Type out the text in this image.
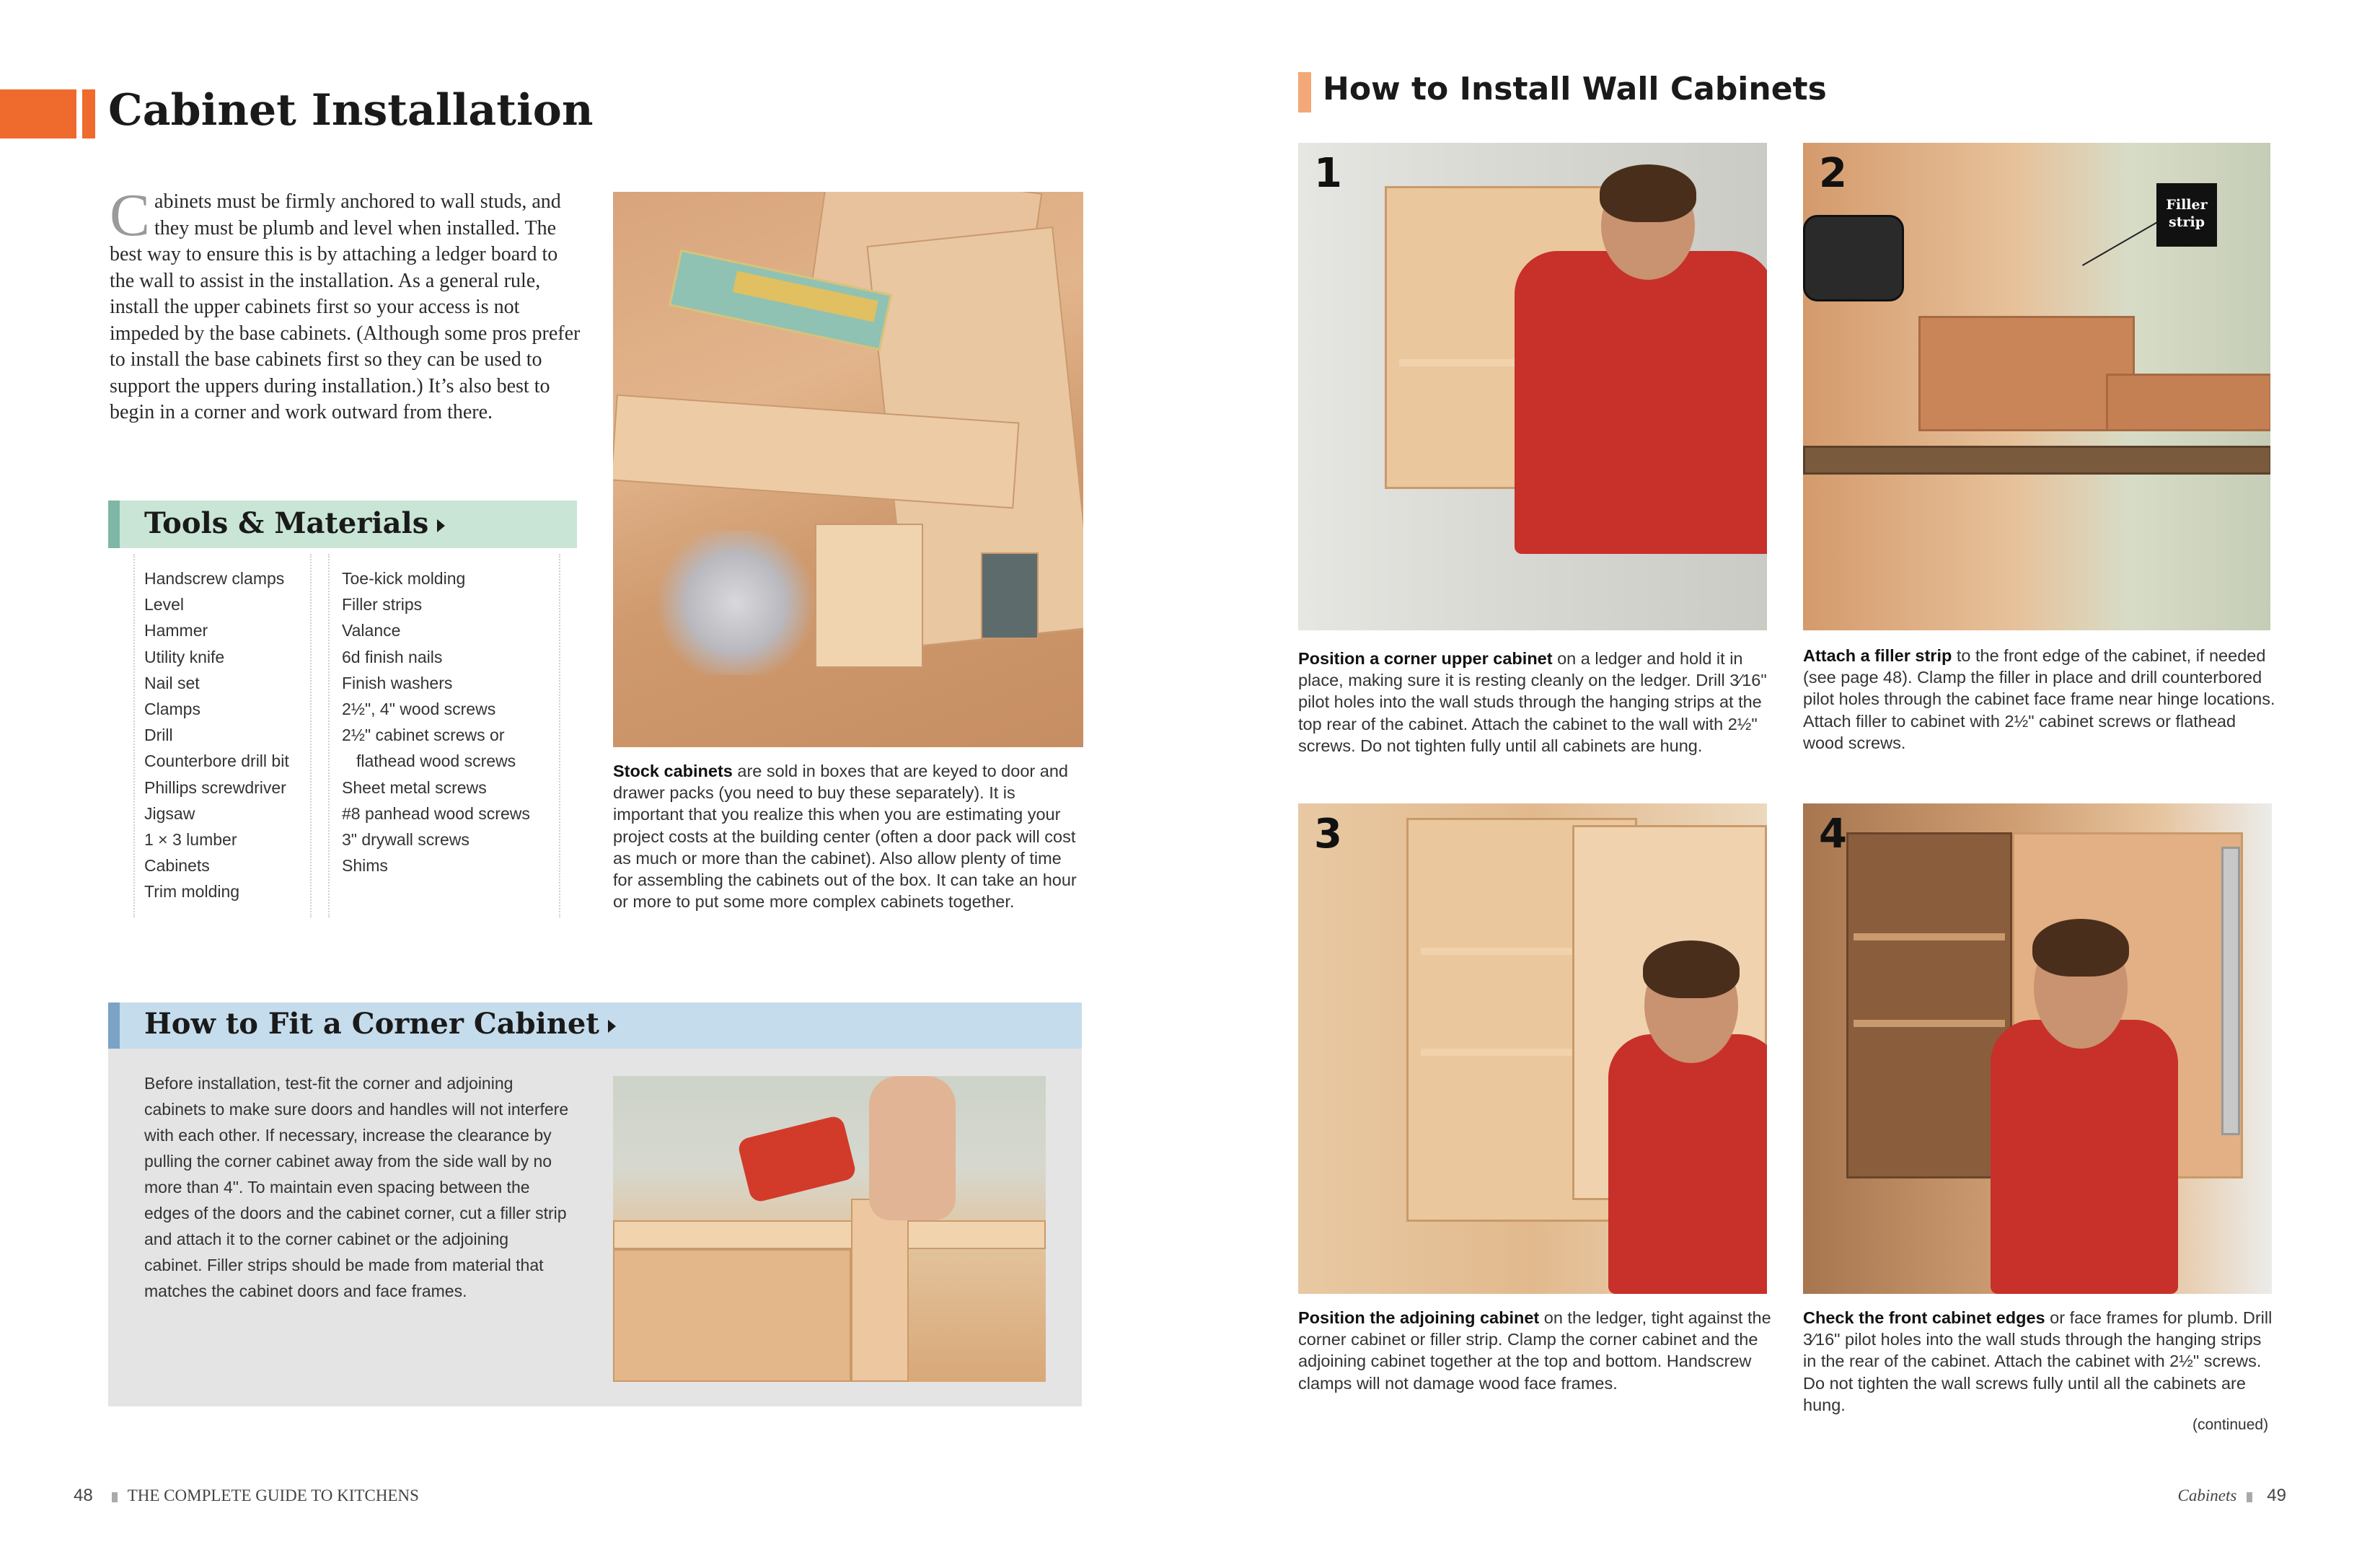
Cabinet Installation
Cabinets must be firmly anchored to wall studs, and they must be plumb and level when installed. The best way to ensure this is by attaching a ledger board to the wall to assist in the installation. As a general rule, install the upper cabinets first so your access is not impeded by the base cabinets. (Although some pros prefer to install the base cabinets first so they can be used to support the uppers during installation.) It’s also best to begin in a corner and work outward from there.
Tools & Materials
Handscrew clamps
Level
Hammer
Utility knife
Nail set
Clamps
Drill
Counterbore drill bit
Phillips screwdriver
Jigsaw
1 × 3 lumber
Cabinets
Trim molding
Toe-kick molding
Filler strips
Valance
6d finish nails
Finish washers
2½", 4" wood screws
2½" cabinet screws or
flathead wood screws
Sheet metal screws
#8 panhead wood screws
3" drywall screws
Shims
Stock cabinets are sold in boxes that are keyed to door and drawer packs (you need to buy these separately). It is important that you realize this when you are estimating your project costs at the building center (often a door pack will cost as much or more than the cabinet). Also allow plenty of time for assembling the cabinets out of the box. It can take an hour or more to put some more complex cabinets together.
How to Fit a Corner Cabinet
Before installation, test-fit the corner and adjoining cabinets to make sure doors and handles will not interfere with each other. If necessary, increase the clearance by pulling the corner cabinet away from the side wall by no more than 4". To maintain even spacing between the edges of the doors and the cabinet corner, cut a filler strip and attach it to the corner cabinet or the adjoining cabinet. Filler strips should be made from material that matches the cabinet doors and face frames.
48 THE COMPLETE GUIDE TO KITCHENS
How to Install Wall Cabinets
1
Position a corner upper cabinet on a ledger and hold it in place, making sure it is resting cleanly on the ledger. Drill 3⁄16" pilot holes into the wall studs through the hanging strips at the top rear of the cabinet. Attach the cabinet to the wall with 2½" screws. Do not tighten fully until all cabinets are hung.
Filler strip
2
Attach a filler strip to the front edge of the cabinet, if needed (see page 48). Clamp the filler in place and drill counterbored pilot holes through the cabinet face frame near hinge locations. Attach filler to cabinet with 2½" cabinet screws or flathead wood screws.
3
Position the adjoining cabinet on the ledger, tight against the corner cabinet or filler strip. Clamp the corner cabinet and the adjoining cabinet together at the top and bottom. Handscrew clamps will not damage wood face frames.
4
Check the front cabinet edges or face frames for plumb. Drill 3⁄16" pilot holes into the wall studs through the hanging strips in the rear of the cabinet. Attach the cabinet with 2½" screws. Do not tighten the wall screws fully until all the cabinets are hung.
(continued)
Cabinets 49
